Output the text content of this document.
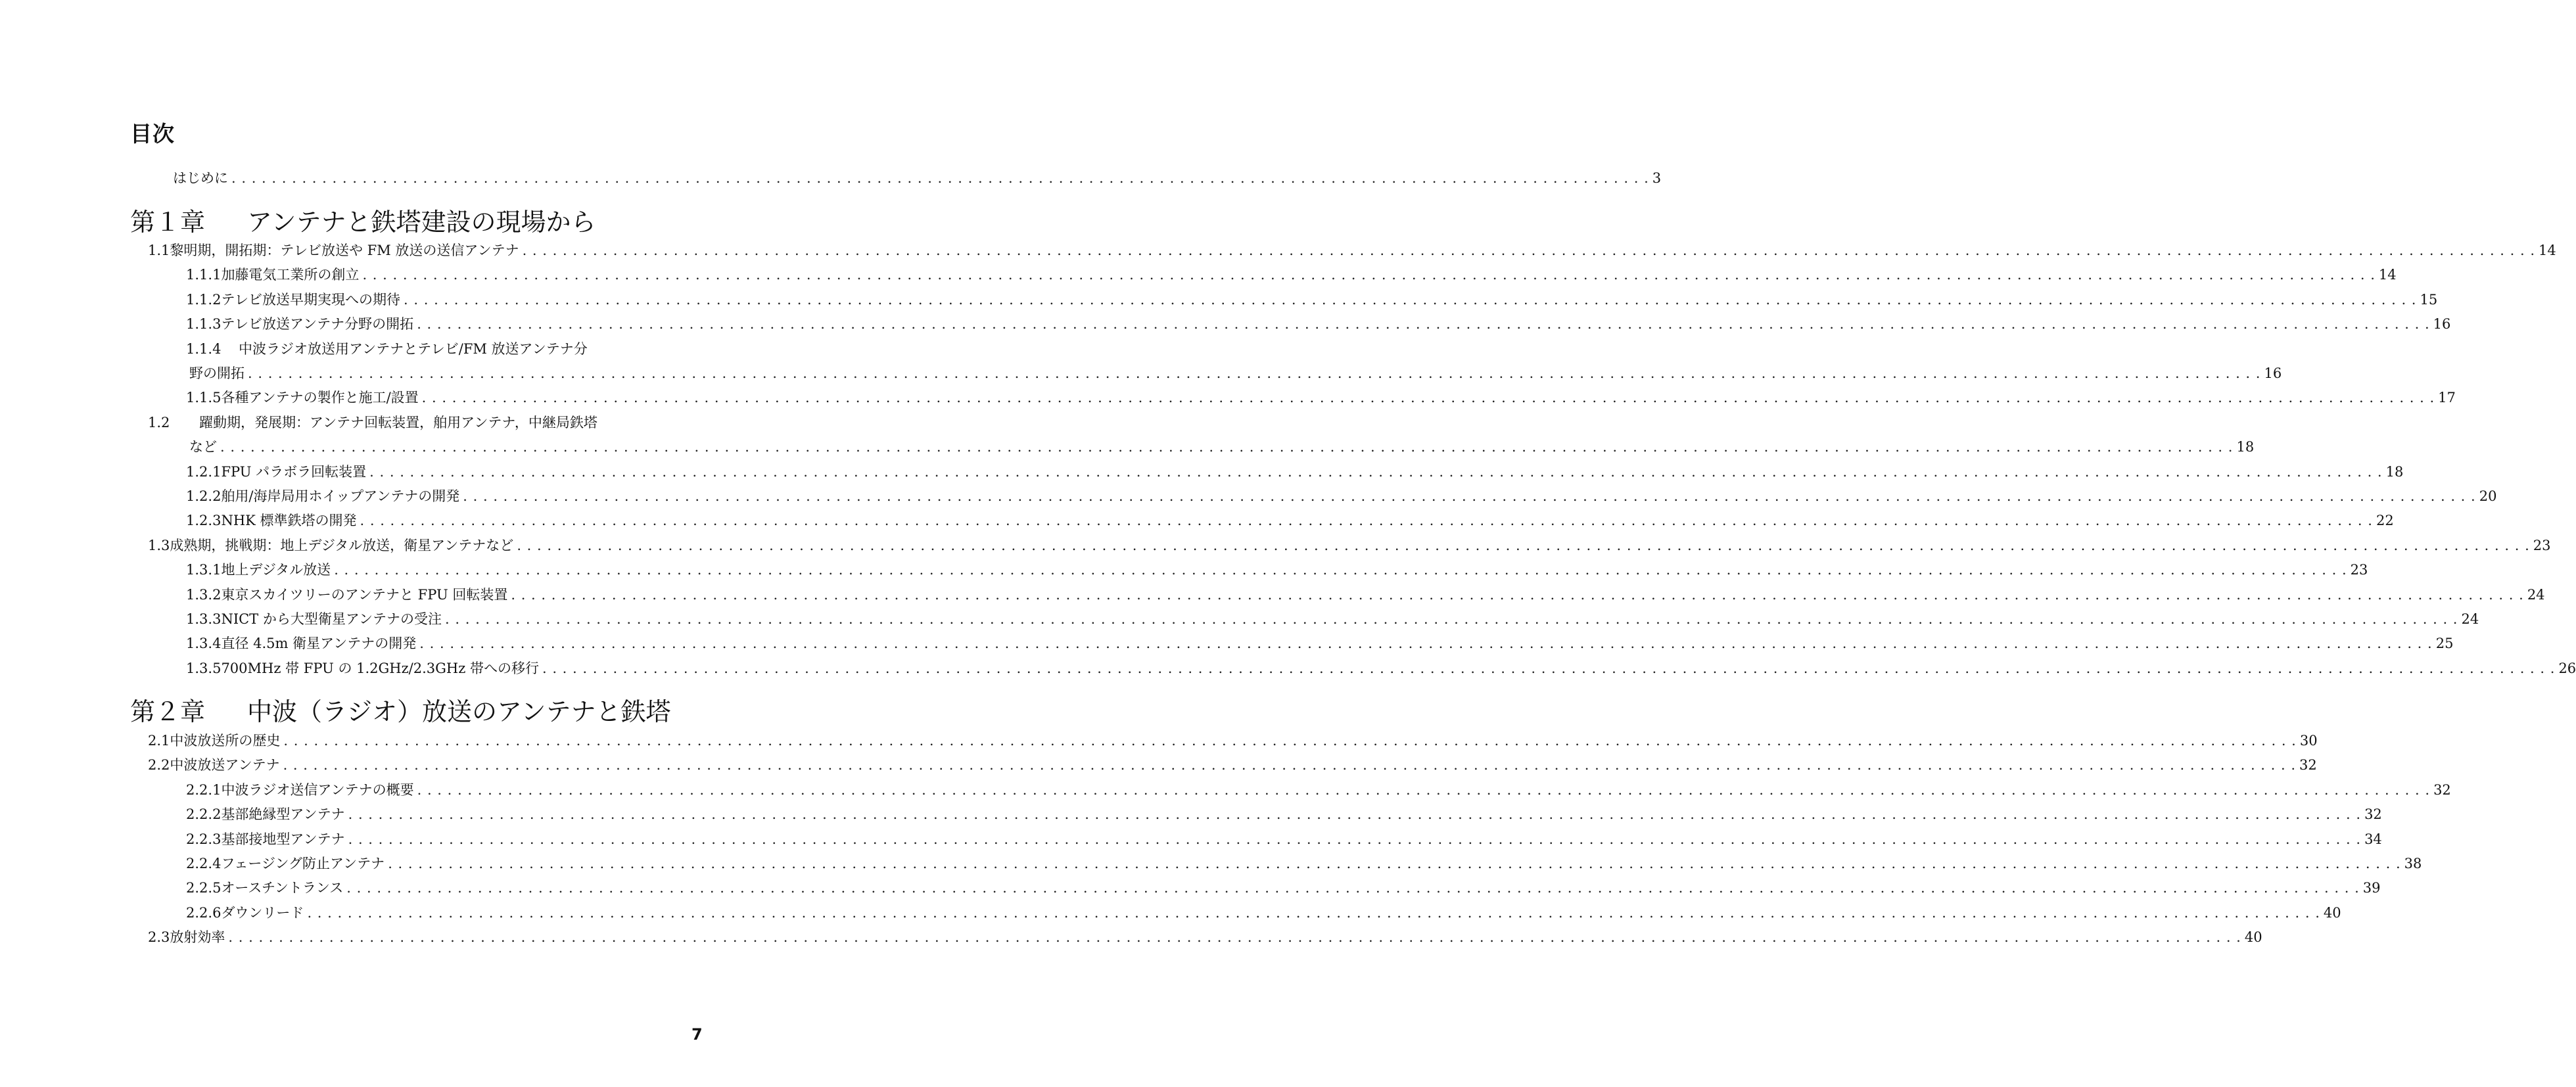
目次
はじめに . . . . . . . . . . . . . . . . . . . . . . . . . . . . . . . . . . . . . . . . . . . . . . . . . . . . . . . . . . . . . . . . . . . . . . . . . . . . . . . . . . . . . . . . . . . . . . . . . . . . . . . . . . . . . . . . . . . . . . . . . . . . . . . . . . . . . . . . . . . . . 3
第１章 アンテナと鉄塔建設の現場から
1.1 黎明期，開拓期：テレビ放送や FM 放送の送信アンテナ . . . . . . . . . . . . . . . . . . . . . . . . . . . . . . . . . . . . . . . . . . . . . . . . . . . . . . . . . . . . . . . . . . . . . . . . . . . . . . . . . . . . . . . . . . . . . . . . . . . . . . . . . . . . . . . . . . . . . . . . . . . . . . . . . . . . . . . . . . . . . . . . . . . . . . . . . . . . . . . . . . . . . . . . . . . . . . . . . . . . . . . . . . . . . . . . . . . . . . . . 14
1.1.1 加藤電気工業所の創立 . . . . . . . . . . . . . . . . . . . . . . . . . . . . . . . . . . . . . . . . . . . . . . . . . . . . . . . . . . . . . . . . . . . . . . . . . . . . . . . . . . . . . . . . . . . . . . . . . . . . . . . . . . . . . . . . . . . . . . . . . . . . . . . . . . . . . . . . . . . . . . . . . . . . . . . . . . . . . . . . . . . . . . . . . . . . . . . . . . . . . . . . . . . . . . . . . . . . . . . . 14
1.1.2 テレビ放送早期実現への期待 . . . . . . . . . . . . . . . . . . . . . . . . . . . . . . . . . . . . . . . . . . . . . . . . . . . . . . . . . . . . . . . . . . . . . . . . . . . . . . . . . . . . . . . . . . . . . . . . . . . . . . . . . . . . . . . . . . . . . . . . . . . . . . . . . . . . . . . . . . . . . . . . . . . . . . . . . . . . . . . . . . . . . . . . . . . . . . . . . . . . . . . . . . . . . . . . . . . . . . . . 15
1.1.3 テレビ放送アンテナ分野の開拓 . . . . . . . . . . . . . . . . . . . . . . . . . . . . . . . . . . . . . . . . . . . . . . . . . . . . . . . . . . . . . . . . . . . . . . . . . . . . . . . . . . . . . . . . . . . . . . . . . . . . . . . . . . . . . . . . . . . . . . . . . . . . . . . . . . . . . . . . . . . . . . . . . . . . . . . . . . . . . . . . . . . . . . . . . . . . . . . . . . . . . . . . . . . . . . . . . . . . . . . . 16
1.1.4	中波ラジオ放送用アンテナとテレビ/FM 放送アンテナ分
野の開拓 . . . . . . . . . . . . . . . . . . . . . . . . . . . . . . . . . . . . . . . . . . . . . . . . . . . . . . . . . . . . . . . . . . . . . . . . . . . . . . . . . . . . . . . . . . . . . . . . . . . . . . . . . . . . . . . . . . . . . . . . . . . . . . . . . . . . . . . . . . . . . . . . . . . . . . . . . . . . . . . . . . . . . . . . . . . . . . . . . . . . . . . . . . . . . . . . . . . . . . . . 16
1.1.5 各種アンテナの製作と施工/設置 . . . . . . . . . . . . . . . . . . . . . . . . . . . . . . . . . . . . . . . . . . . . . . . . . . . . . . . . . . . . . . . . . . . . . . . . . . . . . . . . . . . . . . . . . . . . . . . . . . . . . . . . . . . . . . . . . . . . . . . . . . . . . . . . . . . . . . . . . . . . . . . . . . . . . . . . . . . . . . . . . . . . . . . . . . . . . . . . . . . . . . . . . . . . . . . . . . . . . . . . 17
1.2	躍動期，発展期：アンテナ回転装置，舶用アンテナ，中継局鉄塔
など . . . . . . . . . . . . . . . . . . . . . . . . . . . . . . . . . . . . . . . . . . . . . . . . . . . . . . . . . . . . . . . . . . . . . . . . . . . . . . . . . . . . . . . . . . . . . . . . . . . . . . . . . . . . . . . . . . . . . . . . . . . . . . . . . . . . . . . . . . . . . . . . . . . . . . . . . . . . . . . . . . . . . . . . . . . . . . . . . . . . . . . . . . . . . . . . . . . . . . . . 18
1.2.1 FPU パラボラ回転装置 . . . . . . . . . . . . . . . . . . . . . . . . . . . . . . . . . . . . . . . . . . . . . . . . . . . . . . . . . . . . . . . . . . . . . . . . . . . . . . . . . . . . . . . . . . . . . . . . . . . . . . . . . . . . . . . . . . . . . . . . . . . . . . . . . . . . . . . . . . . . . . . . . . . . . . . . . . . . . . . . . . . . . . . . . . . . . . . . . . . . . . . . . . . . . . . . . . . . . . . . 18
1.2.2 舶用/海岸局用ホイップアンテナの開発 . . . . . . . . . . . . . . . . . . . . . . . . . . . . . . . . . . . . . . . . . . . . . . . . . . . . . . . . . . . . . . . . . . . . . . . . . . . . . . . . . . . . . . . . . . . . . . . . . . . . . . . . . . . . . . . . . . . . . . . . . . . . . . . . . . . . . . . . . . . . . . . . . . . . . . . . . . . . . . . . . . . . . . . . . . . . . . . . . . . . . . . . . . . . . . . . . . . . . . . . 20
1.2.3 NHK 標準鉄塔の開発 . . . . . . . . . . . . . . . . . . . . . . . . . . . . . . . . . . . . . . . . . . . . . . . . . . . . . . . . . . . . . . . . . . . . . . . . . . . . . . . . . . . . . . . . . . . . . . . . . . . . . . . . . . . . . . . . . . . . . . . . . . . . . . . . . . . . . . . . . . . . . . . . . . . . . . . . . . . . . . . . . . . . . . . . . . . . . . . . . . . . . . . . . . . . . . . . . . . . . . . . 22
1.3 成熟期，挑戦期：地上デジタル放送，衛星アンテナなど . . . . . . . . . . . . . . . . . . . . . . . . . . . . . . . . . . . . . . . . . . . . . . . . . . . . . . . . . . . . . . . . . . . . . . . . . . . . . . . . . . . . . . . . . . . . . . . . . . . . . . . . . . . . . . . . . . . . . . . . . . . . . . . . . . . . . . . . . . . . . . . . . . . . . . . . . . . . . . . . . . . . . . . . . . . . . . . . . . . . . . . . . . . . . . . . . . . . . . . . 23
1.3.1 地上デジタル放送 . . . . . . . . . . . . . . . . . . . . . . . . . . . . . . . . . . . . . . . . . . . . . . . . . . . . . . . . . . . . . . . . . . . . . . . . . . . . . . . . . . . . . . . . . . . . . . . . . . . . . . . . . . . . . . . . . . . . . . . . . . . . . . . . . . . . . . . . . . . . . . . . . . . . . . . . . . . . . . . . . . . . . . . . . . . . . . . . . . . . . . . . . . . . . . . . . . . . . . . . 23
1.3.2 東京スカイツリーのアンテナと FPU 回転装置 . . . . . . . . . . . . . . . . . . . . . . . . . . . . . . . . . . . . . . . . . . . . . . . . . . . . . . . . . . . . . . . . . . . . . . . . . . . . . . . . . . . . . . . . . . . . . . . . . . . . . . . . . . . . . . . . . . . . . . . . . . . . . . . . . . . . . . . . . . . . . . . . . . . . . . . . . . . . . . . . . . . . . . . . . . . . . . . . . . . . . . . . . . . . . . . . . . . . . . . . 24
1.3.3 NICT から大型衛星アンテナの受注 . . . . . . . . . . . . . . . . . . . . . . . . . . . . . . . . . . . . . . . . . . . . . . . . . . . . . . . . . . . . . . . . . . . . . . . . . . . . . . . . . . . . . . . . . . . . . . . . . . . . . . . . . . . . . . . . . . . . . . . . . . . . . . . . . . . . . . . . . . . . . . . . . . . . . . . . . . . . . . . . . . . . . . . . . . . . . . . . . . . . . . . . . . . . . . . . . . . . . . . . 24
1.3.4 直径 4.5m 衛星アンテナの開発 . . . . . . . . . . . . . . . . . . . . . . . . . . . . . . . . . . . . . . . . . . . . . . . . . . . . . . . . . . . . . . . . . . . . . . . . . . . . . . . . . . . . . . . . . . . . . . . . . . . . . . . . . . . . . . . . . . . . . . . . . . . . . . . . . . . . . . . . . . . . . . . . . . . . . . . . . . . . . . . . . . . . . . . . . . . . . . . . . . . . . . . . . . . . . . . . . . . . . . . . 25
1.3.5 700MHz 帯 FPU の 1.2GHz/2.3GHz 帯への移行 . . . . . . . . . . . . . . . . . . . . . . . . . . . . . . . . . . . . . . . . . . . . . . . . . . . . . . . . . . . . . . . . . . . . . . . . . . . . . . . . . . . . . . . . . . . . . . . . . . . . . . . . . . . . . . . . . . . . . . . . . . . . . . . . . . . . . . . . . . . . . . . . . . . . . . . . . . . . . . . . . . . . . . . . . . . . . . . . . . . . . . . . . . . . . . . . . . . . . . . . 26
第２章 中波（ラジオ）放送のアンテナと鉄塔
2.1 中波放送所の歴史 . . . . . . . . . . . . . . . . . . . . . . . . . . . . . . . . . . . . . . . . . . . . . . . . . . . . . . . . . . . . . . . . . . . . . . . . . . . . . . . . . . . . . . . . . . . . . . . . . . . . . . . . . . . . . . . . . . . . . . . . . . . . . . . . . . . . . . . . . . . . . . . . . . . . . . . . . . . . . . . . . . . . . . . . . . . . . . . . . . . . . . . . . . . . . . . . . . . . . . . . 30
2.2 中波放送アンテナ . . . . . . . . . . . . . . . . . . . . . . . . . . . . . . . . . . . . . . . . . . . . . . . . . . . . . . . . . . . . . . . . . . . . . . . . . . . . . . . . . . . . . . . . . . . . . . . . . . . . . . . . . . . . . . . . . . . . . . . . . . . . . . . . . . . . . . . . . . . . . . . . . . . . . . . . . . . . . . . . . . . . . . . . . . . . . . . . . . . . . . . . . . . . . . . . . . . . . . . . 32
2.2.1 中波ラジオ送信アンテナの概要 . . . . . . . . . . . . . . . . . . . . . . . . . . . . . . . . . . . . . . . . . . . . . . . . . . . . . . . . . . . . . . . . . . . . . . . . . . . . . . . . . . . . . . . . . . . . . . . . . . . . . . . . . . . . . . . . . . . . . . . . . . . . . . . . . . . . . . . . . . . . . . . . . . . . . . . . . . . . . . . . . . . . . . . . . . . . . . . . . . . . . . . . . . . . . . . . . . . . . . . . 32
2.2.2 基部絶縁型アンテナ . . . . . . . . . . . . . . . . . . . . . . . . . . . . . . . . . . . . . . . . . . . . . . . . . . . . . . . . . . . . . . . . . . . . . . . . . . . . . . . . . . . . . . . . . . . . . . . . . . . . . . . . . . . . . . . . . . . . . . . . . . . . . . . . . . . . . . . . . . . . . . . . . . . . . . . . . . . . . . . . . . . . . . . . . . . . . . . . . . . . . . . . . . . . . . . . . . . . . . . . 32
2.2.3 基部接地型アンテナ . . . . . . . . . . . . . . . . . . . . . . . . . . . . . . . . . . . . . . . . . . . . . . . . . . . . . . . . . . . . . . . . . . . . . . . . . . . . . . . . . . . . . . . . . . . . . . . . . . . . . . . . . . . . . . . . . . . . . . . . . . . . . . . . . . . . . . . . . . . . . . . . . . . . . . . . . . . . . . . . . . . . . . . . . . . . . . . . . . . . . . . . . . . . . . . . . . . . . . . . 34
2.2.4 フェージング防止アンテナ . . . . . . . . . . . . . . . . . . . . . . . . . . . . . . . . . . . . . . . . . . . . . . . . . . . . . . . . . . . . . . . . . . . . . . . . . . . . . . . . . . . . . . . . . . . . . . . . . . . . . . . . . . . . . . . . . . . . . . . . . . . . . . . . . . . . . . . . . . . . . . . . . . . . . . . . . . . . . . . . . . . . . . . . . . . . . . . . . . . . . . . . . . . . . . . . . . . . . . . . 38
2.2.5 オースチントランス . . . . . . . . . . . . . . . . . . . . . . . . . . . . . . . . . . . . . . . . . . . . . . . . . . . . . . . . . . . . . . . . . . . . . . . . . . . . . . . . . . . . . . . . . . . . . . . . . . . . . . . . . . . . . . . . . . . . . . . . . . . . . . . . . . . . . . . . . . . . . . . . . . . . . . . . . . . . . . . . . . . . . . . . . . . . . . . . . . . . . . . . . . . . . . . . . . . . . . . . 39
2.2.6 ダウンリード . . . . . . . . . . . . . . . . . . . . . . . . . . . . . . . . . . . . . . . . . . . . . . . . . . . . . . . . . . . . . . . . . . . . . . . . . . . . . . . . . . . . . . . . . . . . . . . . . . . . . . . . . . . . . . . . . . . . . . . . . . . . . . . . . . . . . . . . . . . . . . . . . . . . . . . . . . . . . . . . . . . . . . . . . . . . . . . . . . . . . . . . . . . . . . . . . . . . . . . . 40
2.3 放射効率 . . . . . . . . . . . . . . . . . . . . . . . . . . . . . . . . . . . . . . . . . . . . . . . . . . . . . . . . . . . . . . . . . . . . . . . . . . . . . . . . . . . . . . . . . . . . . . . . . . . . . . . . . . . . . . . . . . . . . . . . . . . . . . . . . . . . . . . . . . . . . . . . . . . . . . . . . . . . . . . . . . . . . . . . . . . . . . . . . . . . . . . . . . . . . . . . . . . . . . . . 40
7
